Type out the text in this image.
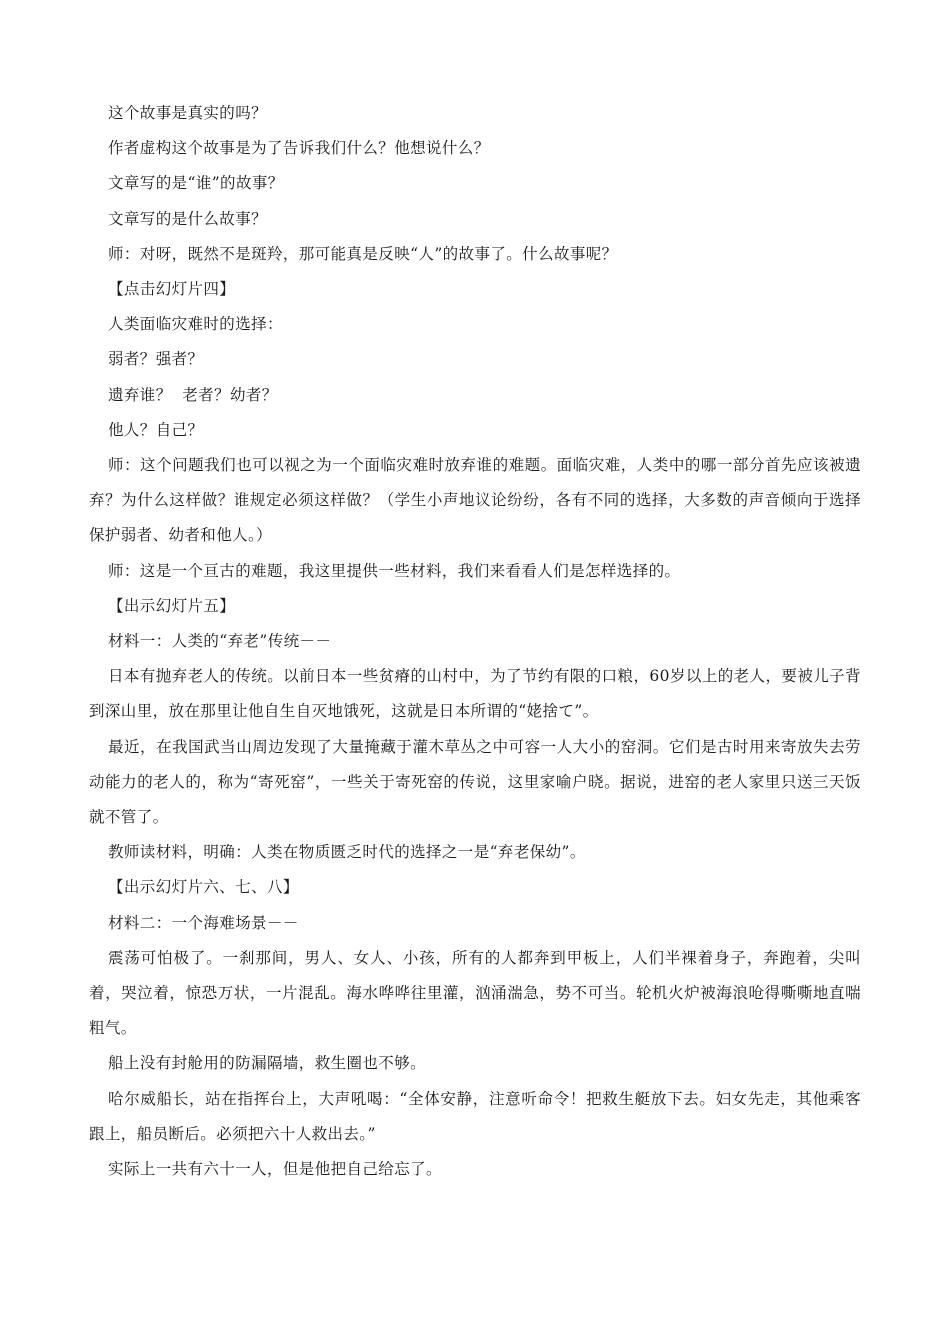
这个故事是真实的吗？

作者虚构这个故事是为了告诉我们什么？他想说什么？

文章写的是“谁”的故事？

文章写的是什么故事？

师：对呀，既然不是斑羚，那可能真是反映“人”的故事了。什么故事呢？

【点击幻灯片四】

人类面临灾难时的选择：

弱者？强者？

遗弃谁？  老者？幼者？

他人？自己？

师：这个问题我们也可以视之为一个面临灾难时放弃谁的难题。面临灾难，人类中的哪一部分首先应该被遗弃？为什么这样做？谁规定必须这样做？（学生小声地议论纷纷，各有不同的选择，大多数的声音倾向于选择保护弱者、幼者和他人。）

师：这是一个亘古的难题，我这里提供一些材料，我们来看看人们是怎样选择的。

【出示幻灯片五】

材料一：人类的“弃老”传统－－

日本有抛弃老人的传统。以前日本一些贫瘠的山村中，为了节约有限的口粮，60岁以上的老人，要被儿子背到深山里，放在那里让他自生自灭地饿死，这就是日本所谓的“姥捨て”。

最近，在我国武当山周边发现了大量掩藏于灌木草丛之中可容一人大小的窑洞。它们是古时用来寄放失去劳动能力的老人的，称为“寄死窑”，一些关于寄死窑的传说，这里家喻户晓。据说，进窑的老人家里只送三天饭就不管了。

教师读材料，明确：人类在物质匮乏时代的选择之一是“弃老保幼”。

【出示幻灯片六、七、八】

材料二：一个海难场景－－

震荡可怕极了。一刹那间，男人、女人、小孩，所有的人都奔到甲板上，人们半裸着身子，奔跑着，尖叫着，哭泣着，惊恐万状，一片混乱。海水哗哗往里灌，汹涌湍急，势不可当。轮机火炉被海浪呛得嘶嘶地直喘粗气。

船上没有封舱用的防漏隔墙，救生圈也不够。

哈尔威船长，站在指挥台上，大声吼喝：“全体安静，注意听命令！把救生艇放下去。妇女先走，其他乘客跟上，船员断后。必须把六十人救出去。”

实际上一共有六十一人，但是他把自己给忘了。
